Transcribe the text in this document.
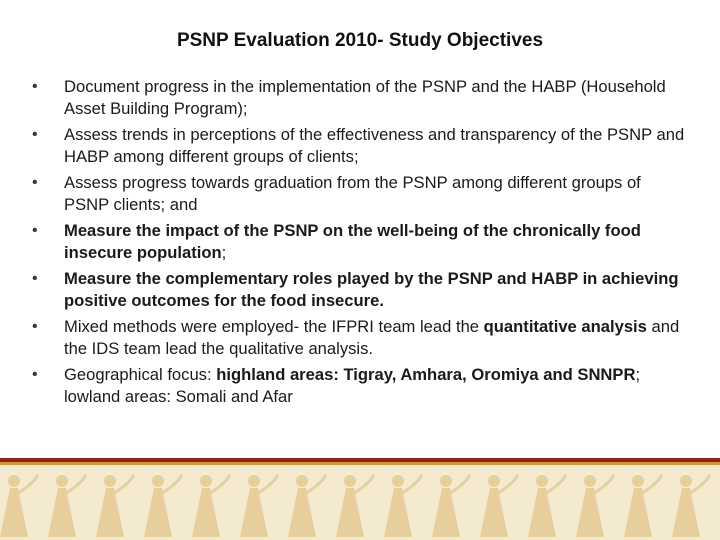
PSNP Evaluation 2010- Study Objectives
•	Document progress in the implementation of the PSNP and the HABP (Household Asset Building Program);
•	Assess trends in perceptions of the effectiveness and transparency of the PSNP and HABP among different groups of clients;
•	Assess progress towards graduation from the PSNP among different groups of PSNP clients; and
•	Measure the impact of the PSNP on the well-being of the chronically food insecure population;
•	Measure the complementary roles played by the PSNP and HABP in achieving positive outcomes for the food insecure.
•	Mixed methods were employed- the IFPRI team lead the quantitative analysis and the IDS team lead the qualitative analysis.
•	Geographical focus: highland areas: Tigray, Amhara, Oromiya and SNNPR; lowland areas: Somali and Afar
